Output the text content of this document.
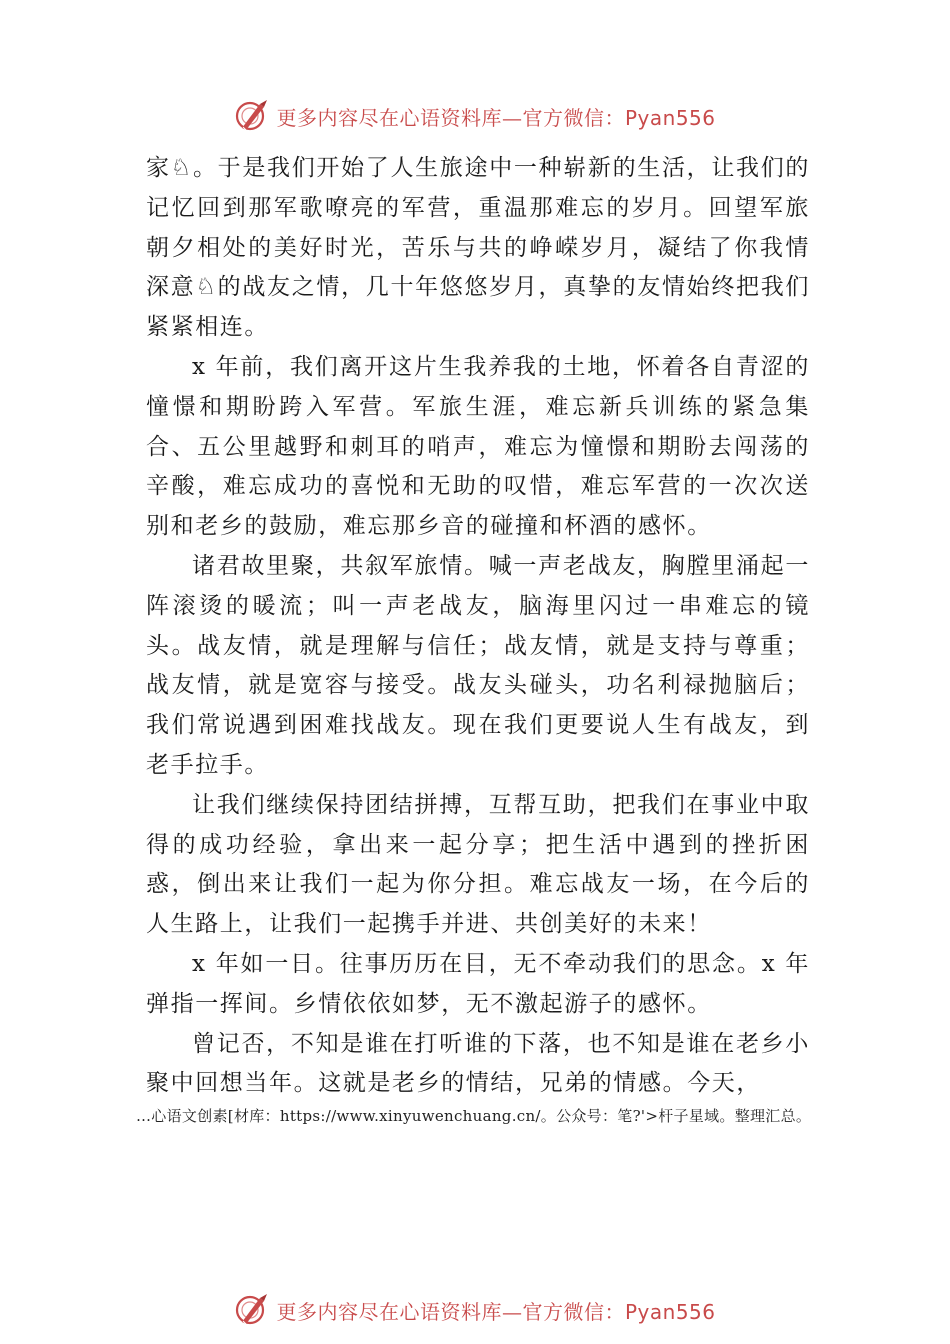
更多内容尽在心语资料库—官方微信：Pyan556

家♘。于是我们开始了人生旅途中一种崭新的生活，让我们的记忆回到那军歌嘹亮的军营，重温那难忘的岁月。回望军旅朝夕相处的美好时光，苦乐与共的峥嵘岁月，凝结了你我情深意♘的战友之情，几十年悠悠岁月，真挚的友情始终把我们紧紧相连。

x 年前，我们离开这片生我养我的土地，怀着各自青涩的憧憬和期盼跨入军营。军旅生涯，难忘新兵训练的紧急集合、五公里越野和刺耳的哨声，难忘为憧憬和期盼去闯荡的辛酸，难忘成功的喜悦和无助的叹惜，难忘军营的一次次送别和老乡的鼓励，难忘那乡音的碰撞和杯酒的感怀。

诸君故里聚，共叙军旅情。喊一声老战友，胸膛里涌起一阵滚烫的暖流；叫一声老战友，脑海里闪过一串难忘的镜头。战友情，就是理解与信任；战友情，就是支持与尊重； 战友情，就是宽容与接受。战友头碰头，功名利禄抛脑后； 我们常说遇到困难找战友。现在我们更要说人生有战友，到老手拉手。

让我们继续保持团结拼搏，互帮互助，把我们在事业中取得的成功经验，拿出来一起分享；把生活中遇到的挫折困惑，倒出来让我们一起为你分担。难忘战友一场，在今后的人生路上，让我们一起携手并进、共创美好的未来！

x 年如一日。往事历历在目，无不牵动我们的思念。x 年弹指一挥间。乡情依依如梦，无不激起游子的感怀。

曾记否，不知是谁在打听谁的下落，也不知是谁在老乡小聚中回想当年。这就是老乡的情结，兄弟的情感。今天，

…心语文创素[材库：https://www.xinyuwenchuang.cn/。公众号：笔?'>杆子星域。整理汇总。
更多内容尽在心语资料库—官方微信：Pyan556
